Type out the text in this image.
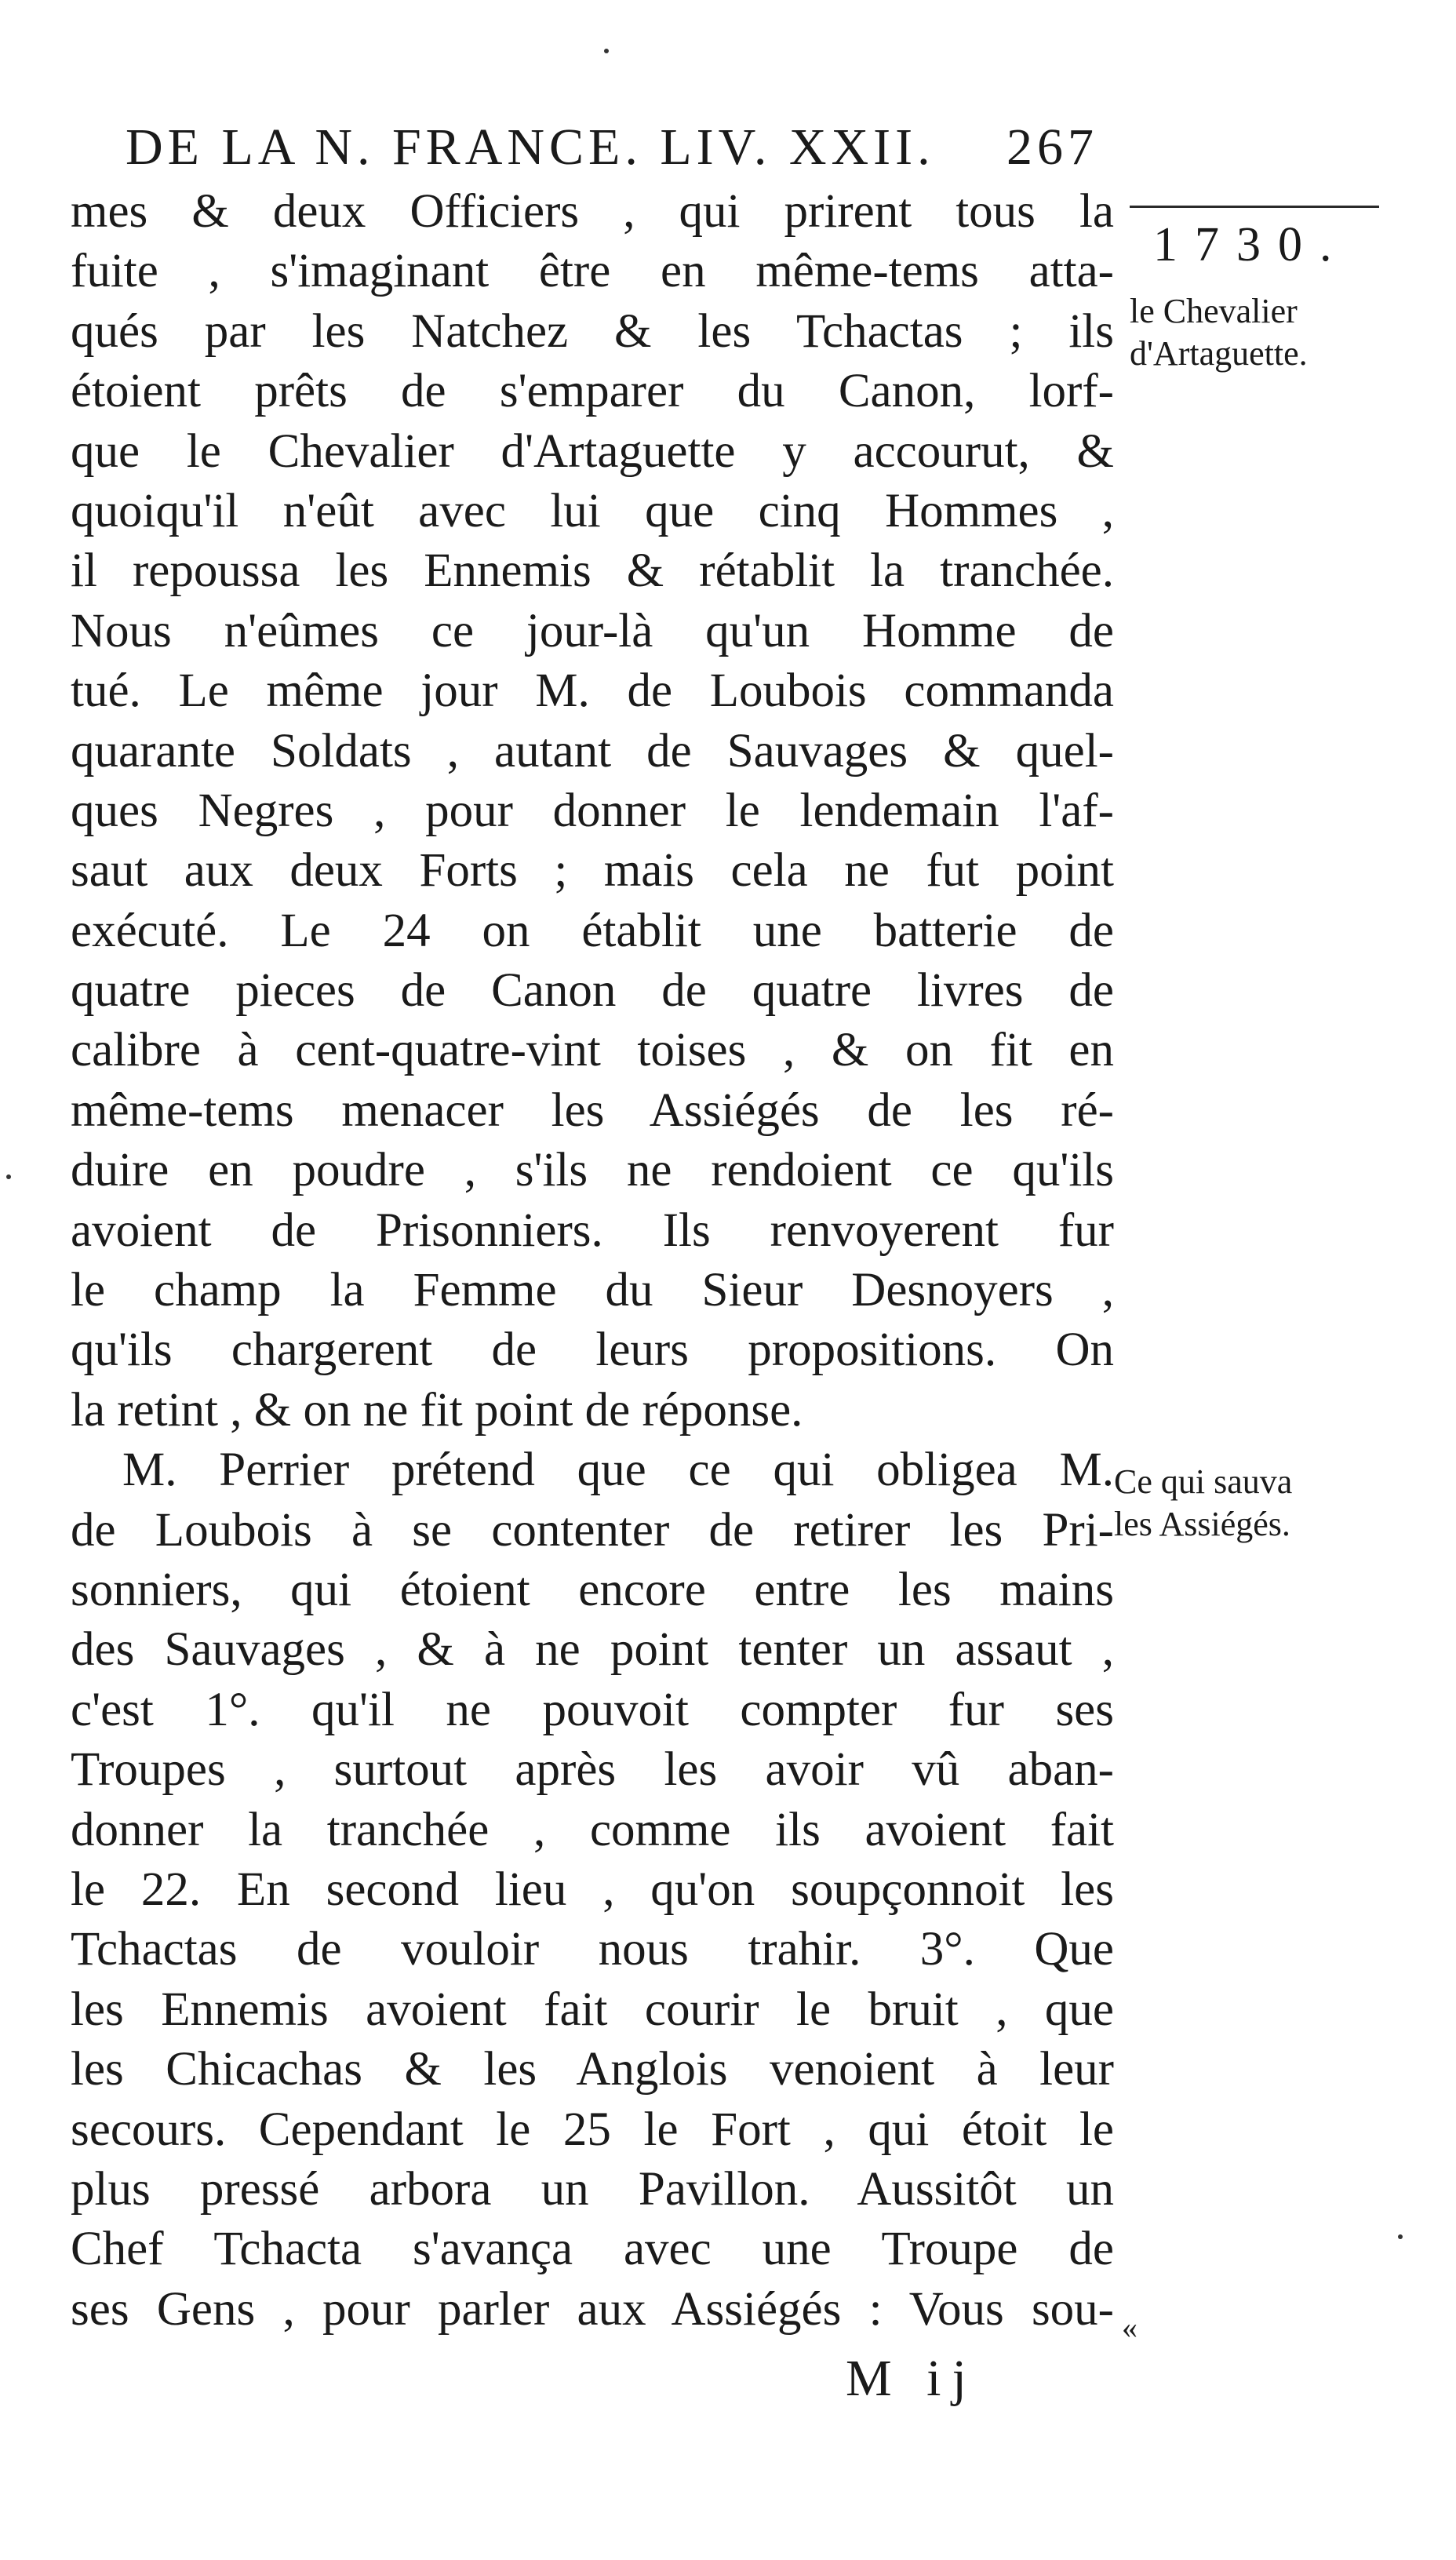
DE LA N. FRANCE. LIV. XXII. 267
1730.
le Chevalier
d'Artaguette.
Ce qui sauva
les Assiégés.
mes & deux Officiers , qui prirent tous la
fuite , s'imaginant être en même-tems atta-
qués par les Natchez & les Tchactas ; ils
étoient prêts de s'emparer du Canon, lorf-
que le Chevalier d'Artaguette y accourut, &
quoiqu'il n'eût avec lui que cinq Hommes ,
il repoussa les Ennemis & rétablit la tranchée.
Nous n'eûmes ce jour-là qu'un Homme de
tué. Le même jour M. de Loubois commanda
quarante Soldats , autant de Sauvages & quel-
ques Negres , pour donner le lendemain l'af-
saut aux deux Forts ; mais cela ne fut point
exécuté. Le 24 on établit une batterie de
quatre pieces de Canon de quatre livres de
calibre à cent-quatre-vint toises , & on fit en
même-tems menacer les Assiégés de les ré-
duire en poudre , s'ils ne rendoient ce qu'ils
avoient de Prisonniers. Ils renvoyerent fur
le champ la Femme du Sieur Desnoyers ,
qu'ils chargerent de leurs propositions. On
la retint , & on ne fit point de réponse.
M. Perrier prétend que ce qui obligea M.
de Loubois à se contenter de retirer les Pri-
sonniers, qui étoient encore entre les mains
des Sauvages , & à ne point tenter un assaut ,
c'est 1°. qu'il ne pouvoit compter fur ses
Troupes , surtout après les avoir vû aban-
donner la tranchée , comme ils avoient fait
le 22. En second lieu , qu'on soupçonnoit les
Tchactas de vouloir nous trahir. 3°. Que
les Ennemis avoient fait courir le bruit , que
les Chicachas & les Anglois venoient à leur
secours. Cependant le 25 le Fort , qui étoit le
plus pressé arbora un Pavillon. Aussitôt un
Chef Tchacta s'avança avec une Troupe de
ses Gens , pour parler aux Assiégés : Vous sou- «
M ij
